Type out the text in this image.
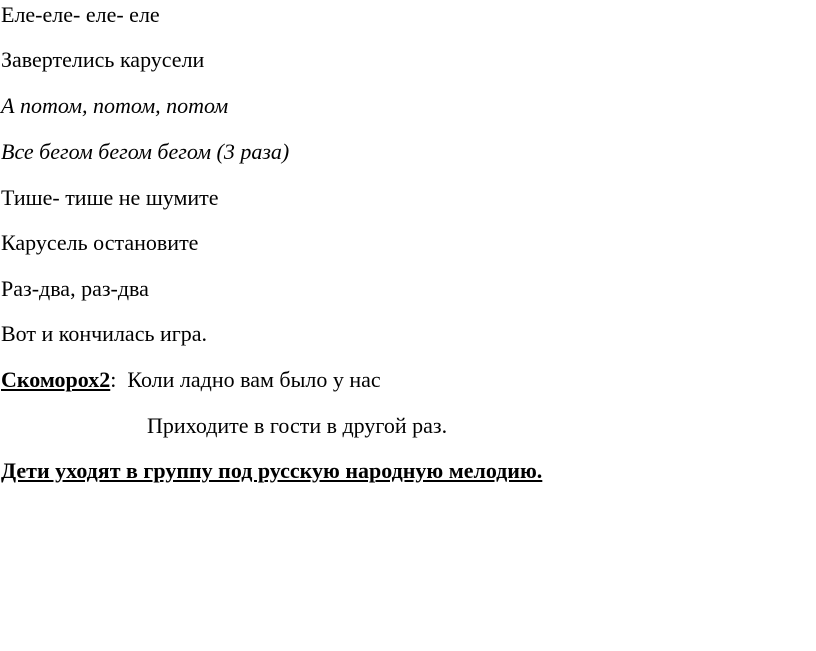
Еле-еле- еле- еле
Завертелись карусели
А потом, потом, потом
Все бегом бегом бегом (3 раза)
Тише- тише не шумите
Карусель остановите
Раз-два, раз-два
Вот и кончилась игра.
Скоморох2:  Коли ладно вам было у нас
Приходите в гости в другой раз.
Дети уходят в группу под русскую народную мелодию.
